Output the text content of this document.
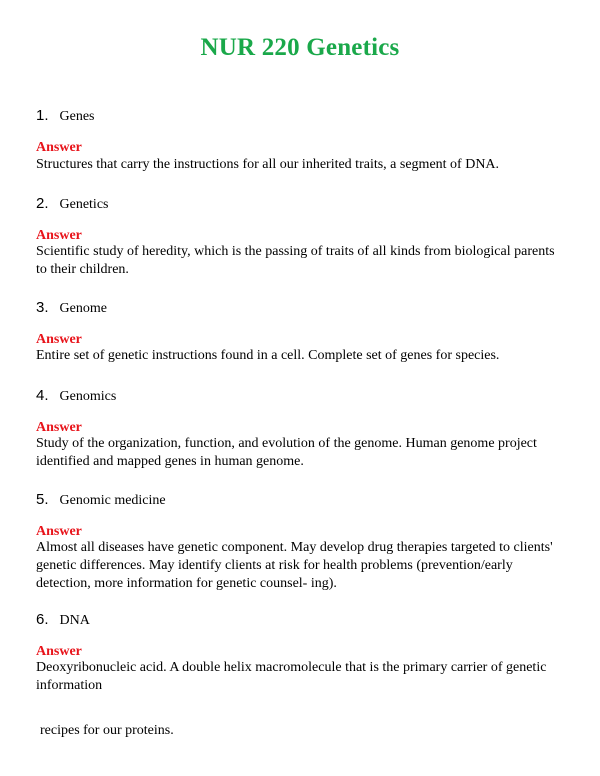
NUR 220 Genetics
1. Genes
Answer
Structures that carry the instructions for all our inherited traits, a segment of DNA.
2. Genetics
Answer
Scientific study of heredity, which is the passing of traits of all kinds from biological parents to their children.
3. Genome
Answer
Entire set of genetic instructions found in a cell. Complete set of genes for species.
4. Genomics
Answer
Study of the organization, function, and evolution of the genome. Human genome project identified and mapped genes in human genome.
5. Genomic medicine
Answer
Almost all diseases have genetic component. May develop drug therapies targeted to clients' genetic differences. May identify clients at risk for health problems (prevention/early detection, more information for genetic counsel- ing).
6. DNA
Answer
Deoxyribonucleic acid. A double helix macromolecule that is the primary carrier of genetic information
recipes for our proteins.
